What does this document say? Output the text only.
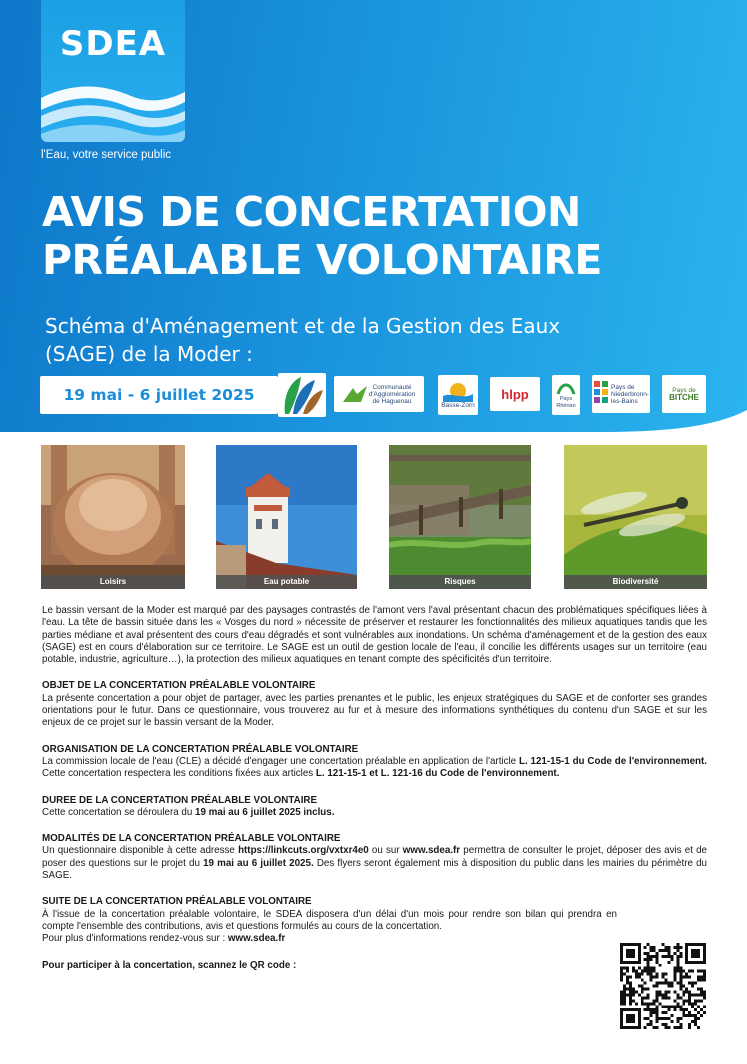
SDEA
l'Eau, votre service public
AVIS DE CONCERTATION
PRÉALABLE VOLONTAIRE
Schéma d'Aménagement et de la Gestion des Eaux
(SAGE) de la Moder :
19 mai - 6 juillet 2025	Communauté
d'Agglomération
de Haguenau
Basse-Zorn
hlpp	Pays
Rhénan
Pays de
Niederbronn-
les-Bains
Pays de
BITCHE
Loisirs	Eau potable	Risques	Biodiversité

Le bassin versant de la Moder est marqué par des paysages contrastés de l'amont vers l'aval présentant chacun des problématiques spécifiques liées à l'eau. La tête de bassin située dans les « Vosges du nord » nécessite de préserver et restaurer les fonctionnalités des milieux aquatiques tandis que les parties médiane et aval présentent des cours d'eau dégradés et sont vulnérables aux inondations. Un schéma d'aménagement et de la gestion des eaux (SAGE) est en cours d'élaboration sur ce territoire. Le SAGE est un outil de gestion locale de l'eau, il concilie les différents usages sur un territoire (eau potable, industrie, agriculture…), la protection des milieux aquatiques en tenant compte des spécificités d'un territoire.

OBJET DE LA CONCERTATION PRÉALABLE VOLONTAIRE

La présente concertation a pour objet de partager, avec les parties prenantes et le public, les enjeux stratégiques du SAGE et de conforter ses grandes orientations pour le futur. Dans ce questionnaire, vous trouverez au fur et à mesure des informations synthétiques du contenu d'un SAGE et sur les enjeux de ce projet sur le bassin versant de la Moder.

ORGANISATION DE LA CONCERTATION PRÉALABLE VOLONTAIRE

La commission locale de l'eau (CLE) a décidé d'engager une concertation préalable en application de l'article L. 121-15-1 du Code de l'environnement. Cette concertation respectera les conditions fixées aux articles L. 121-15-1 et L. 121-16 du Code de l'environnement.

DUREE DE LA CONCERTATION PRÉALABLE VOLONTAIRE

Cette concertation se déroulera du 19 mai au 6 juillet 2025 inclus.

MODALITÉS DE LA CONCERTATION PRÉALABLE VOLONTAIRE

Un questionnaire disponible à cette adresse https://linkcuts.org/vxtxr4e0 ou sur www.sdea.fr permettra de consulter le projet, déposer des avis et de poser des questions sur le projet du 19 mai au 6 juillet 2025. Des flyers seront également mis à disposition du public dans les mairies du périmètre du SAGE.

SUITE DE LA CONCERTATION PRÉALABLE VOLONTAIRE

À l'issue de la concertation préalable volontaire, le SDEA disposera d'un délai d'un mois pour rendre son bilan qui prendra en compte l'ensemble des contributions, avis et questions formulés au cours de la concertation.
Pour plus d'informations rendez-vous sur : www.sdea.fr

Pour participer à la concertation, scannez le QR code :
